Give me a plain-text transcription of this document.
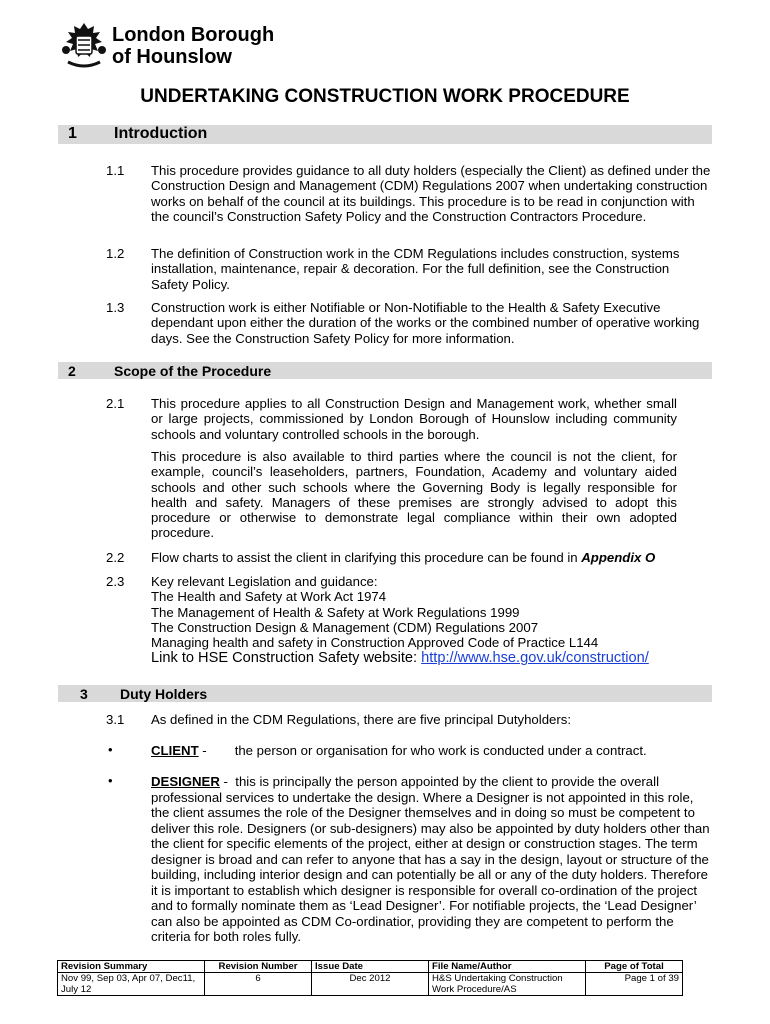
London Borough
of Hounslow
UNDERTAKING CONSTRUCTION WORK PROCEDURE
1 Introduction
1.1 This procedure provides guidance to all duty holders (especially the Client) as defined under the Construction Design and Management (CDM) Regulations 2007 when undertaking construction works on behalf of the council at its buildings. This procedure is to be read in conjunction with the council’s Construction Safety Policy and the Construction Contractors Procedure.
1.2 The definition of Construction work in the CDM Regulations includes construction, systems installation, maintenance, repair & decoration. For the full definition, see the Construction Safety Policy.
1.3 Construction work is either Notifiable or Non-Notifiable to the Health & Safety Executive dependant upon either the duration of the works or the combined number of operative working days. See the Construction Safety Policy for more information.
2	Scope of the Procedure
2.1 This procedure applies to all Construction Design and Management work, whether small or large projects, commissioned by London Borough of Hounslow including community schools and voluntary controlled schools in the borough.
This procedure is also available to third parties where the council is not the client, for example, council’s leaseholders, partners, Foundation, Academy and voluntary aided schools and other such schools where the Governing Body is legally responsible for health and safety. Managers of these premises are strongly advised to adopt this procedure or otherwise to demonstrate legal compliance within their own adopted procedure.
2.2 Flow charts to assist the client in clarifying this procedure can be found in Appendix O
2.3 Key relevant Legislation and guidance:
The Health and Safety at Work Act 1974
The Management of Health & Safety at Work Regulations 1999
The Construction Design & Management (CDM) Regulations 2007
Managing health and safety in Construction Approved Code of Practice L144
Link to HSE Construction Safety website: http://www.hse.gov.uk/construction/
3 Duty Holders
3.1 As defined in the CDM Regulations, there are five principal Dutyholders:
•	CLIENT - the person or organisation for who work is conducted under a contract.
•	DESIGNER - this is principally the person appointed by the client to provide the overall professional services to undertake the design. Where a Designer is not appointed in this role, the client assumes the role of the Designer themselves and in doing so must be competent to deliver this role. Designers (or sub-designers) may also be appointed by duty holders other than the client for specific elements of the project, either at design or construction stages. The term designer is broad and can refer to anyone that has a say in the design, layout or structure of the building, including interior design and can potentially be all or any of the duty holders. Therefore it is important to establish which designer is responsible for overall co-ordination of the project and to formally nominate them as ‘Lead Designer’. For notifiable projects, the ‘Lead Designer’ can also be appointed as CDM Co-ordinatior, providing they are competent to perform the criteria for both roles fully.
Revision Summary	Revision Number	Issue Date	File Name/Author	Page of Total
Nov 99, Sep 03, Apr 07, Dec11, July 12	6	Dec 2012	H&S Undertaking Construction Work Procedure/AS	Page 1 of 39
